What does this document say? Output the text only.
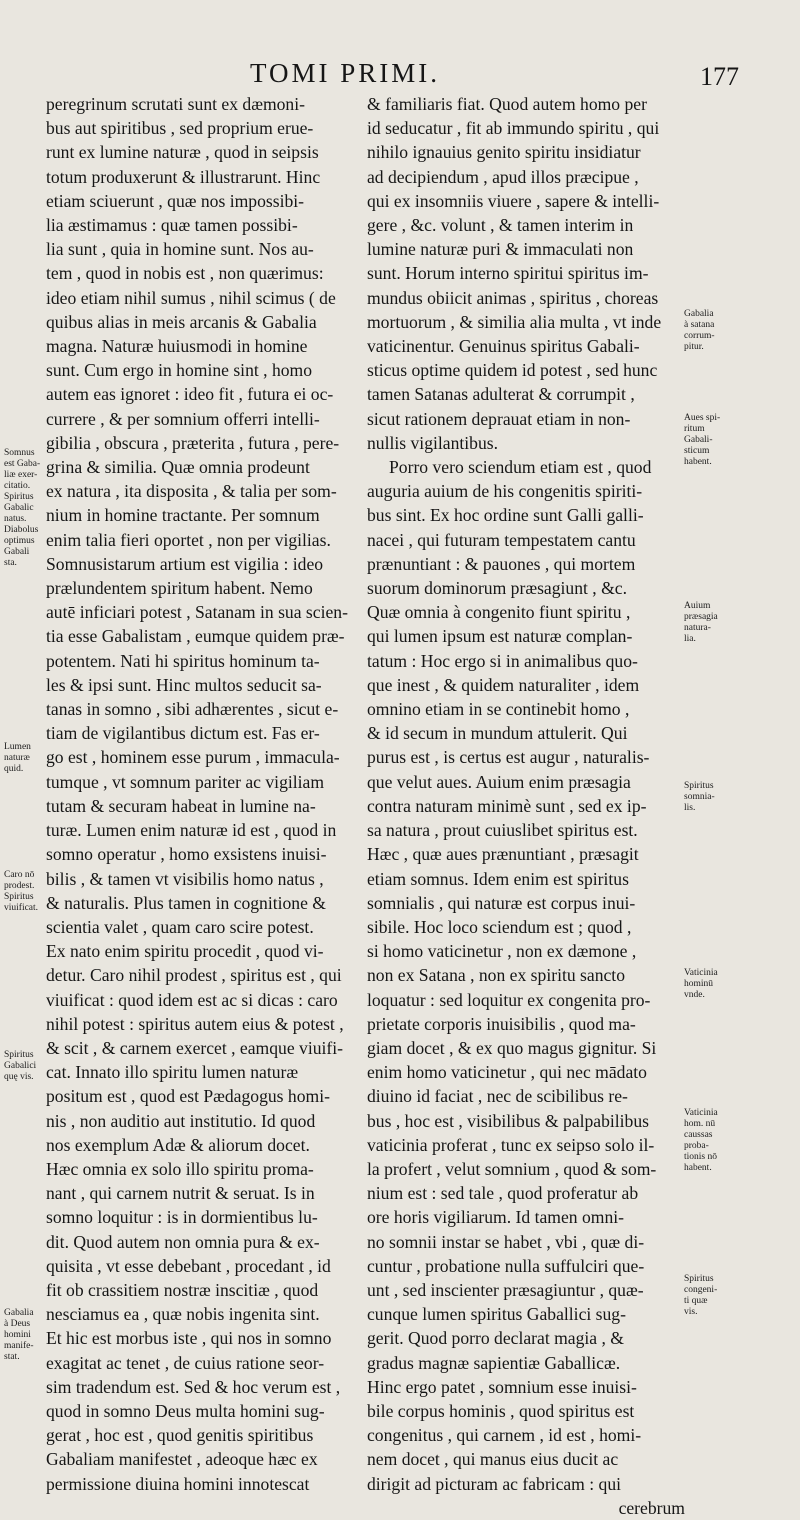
TOMI PRIMI.	177
peregrinum scrutati sunt ex dæmoni-
bus aut spiritibus , sed proprium erue-
runt ex lumine naturæ , quod in seipsis
totum produxerunt & illustrarunt. Hinc
etiam sciuerunt , quæ nos impossibi-
lia æstimamus : quæ tamen possibi-
lia sunt , quia in homine sunt. Nos au-
tem , quod in nobis est , non quærimus:
ideo etiam nihil sumus , nihil scimus ( de
quibus alias in meis arcanis & Gabalia
magna. Naturæ huiusmodi in homine
sunt. Cum ergo in homine sint , homo
autem eas ignoret : ideo fit , futura ei oc-
currere , & per somnium offerri intelli-
gibilia , obscura , præterita , futura , pere-
grina & similia. Quæ omnia prodeunt
ex natura , ita disposita , & talia per som-
nium in homine tractante. Per somnum
enim talia fieri oportet , non per vigilias.
Somnusistarum artium est vigilia : ideo
prælundentem spiritum habent. Nemo
autē inficiari potest , Satanam in sua scien-
tia esse Gabalistam , eumque quidem præ-
potentem. Nati hi spiritus hominum ta-
les & ipsi sunt. Hinc multos seducit sa-
tanas in somno , sibi adhærentes , sicut e-
tiam de vigilantibus dictum est. Fas er-
go est , hominem esse purum , immacula-
tumque , vt somnum pariter ac vigiliam
tutam & securam habeat in lumine na-
turæ. Lumen enim naturæ id est , quod in
somno operatur , homo exsistens inuisi-
bilis , & tamen vt visibilis homo natus ,
& naturalis. Plus tamen in cognitione &
scientia valet , quam caro scire potest.
Ex nato enim spiritu procedit , quod vi-
detur. Caro nihil prodest , spiritus est , qui
viuificat : quod idem est ac si dicas : caro
nihil potest : spiritus autem eius & potest ,
& scit , & carnem exercet , eamque viuifi-
cat. Innato illo spiritu lumen naturæ
positum est , quod est Pædagogus homi-
nis , non auditio aut institutio. Id quod
nos exemplum Adæ & aliorum docet.
Hæc omnia ex solo illo spiritu proma-
nant , qui carnem nutrit & seruat. Is in
somno loquitur : is in dormientibus lu-
dit. Quod autem non omnia pura & ex-
quisita , vt esse debebant , procedant , id
fit ob crassitiem nostræ inscitiæ , quod
nesciamus ea , quæ nobis ingenita sint.
Et hic est morbus iste , qui nos in somno
exagitat ac tenet , de cuius ratione seor-
sim tradendum est. Sed & hoc verum est ,
quod in somno Deus multa homini sug-
gerat , hoc est , quod genitis spiritibus
Gabaliam manifestet , adeoque hæc ex
permissione diuina homini innotescat
& familiaris fiat. Quod autem homo per
id seducatur , fit ab immundo spiritu , qui
nihilo ignauius genito spiritu insidiatur
ad decipiendum , apud illos præcipue ,
qui ex insomniis viuere , sapere & intelli-
gere , &c. volunt , & tamen interim in
lumine naturæ puri & immaculati non
sunt. Horum interno spiritui spiritus im-
mundus obiicit animas , spiritus , choreas
mortuorum , & similia alia multa , vt inde
vaticinentur. Genuinus spiritus Gabali-
sticus optime quidem id potest , sed hunc
tamen Satanas adulterat & corrumpit ,
sicut rationem deprauat etiam in non-
nullis vigilantibus.
Porro vero sciendum etiam est , quod
auguria auium de his congenitis spiriti-
bus sint. Ex hoc ordine sunt Galli galli-
nacei , qui futuram tempestatem cantu
prænuntiant : & pauones , qui mortem
suorum dominorum præsagiunt , &c.
Quæ omnia à congenito fiunt spiritu ,
qui lumen ipsum est naturæ complan-
tatum : Hoc ergo si in animalibus quo-
que inest , & quidem naturaliter , idem
omnino etiam in se continebit homo ,
& id secum in mundum attulerit. Qui
purus est , is certus est augur , naturalis-
que velut aues. Auium enim præsagia
contra naturam minimè sunt , sed ex ip-
sa natura , prout cuiuslibet spiritus est.
Hæc , quæ aues prænuntiant , præsagit
etiam somnus. Idem enim est spiritus
somnialis , qui naturæ est corpus inui-
sibile. Hoc loco sciendum est ; quod ,
si homo vaticinetur , non ex dæmone ,
non ex Satana , non ex spiritu sancto
loquatur : sed loquitur ex congenita pro-
prietate corporis inuisibilis , quod ma-
giam docet , & ex quo magus gignitur. Si
enim homo vaticinetur , qui nec mādato
diuino id faciat , nec de scibilibus re-
bus , hoc est , visibilibus & palpabilibus
vaticinia proferat , tunc ex seipso solo il-
la profert , velut somnium , quod & som-
nium est : sed tale , quod proferatur ab
ore horis vigiliarum. Id tamen omni-
no somnii instar se habet , vbi , quæ di-
cuntur , probatione nulla suffulciri que-
unt , sed inscienter præsagiuntur , quæ-
cunque lumen spiritus Gaballici sug-
gerit. Quod porro declarat magia , &
gradus magnæ sapientiæ Gaballicæ.
Hinc ergo patet , somnium esse inuisi-
bile corpus hominis , quod spiritus est
congenitus , qui carnem , id est , homi-
nem docet , qui manus eius ducit ac
dirigit ad picturam ac fabricam : qui
cerebrum
Somnus
est Gaba-
liæ exer-
citatio.
Spiritus
Gabalic
natus.
Diabolus
optimus
Gabali
sta.
Lumen
naturæ
quid.
Caro nō
prodest.
Spiritus
viuificat.
Spiritus
Gabalici
quę vis.
Gabalia
à Deus
homini
manife-
stat.
Gabalia
à satana
corrum-
pitur.
Aues spi-
ritum
Gabali-
sticum
habent.
Auium
præsagia
natura-
lia.
Spiritus
somnia-
lis.
Vaticinia
hominū
vnde.
Vaticinia
hom. nū
caussas
proba-
tionis nō
habent.
Spiritus
congeni-
ti quæ
vis.
